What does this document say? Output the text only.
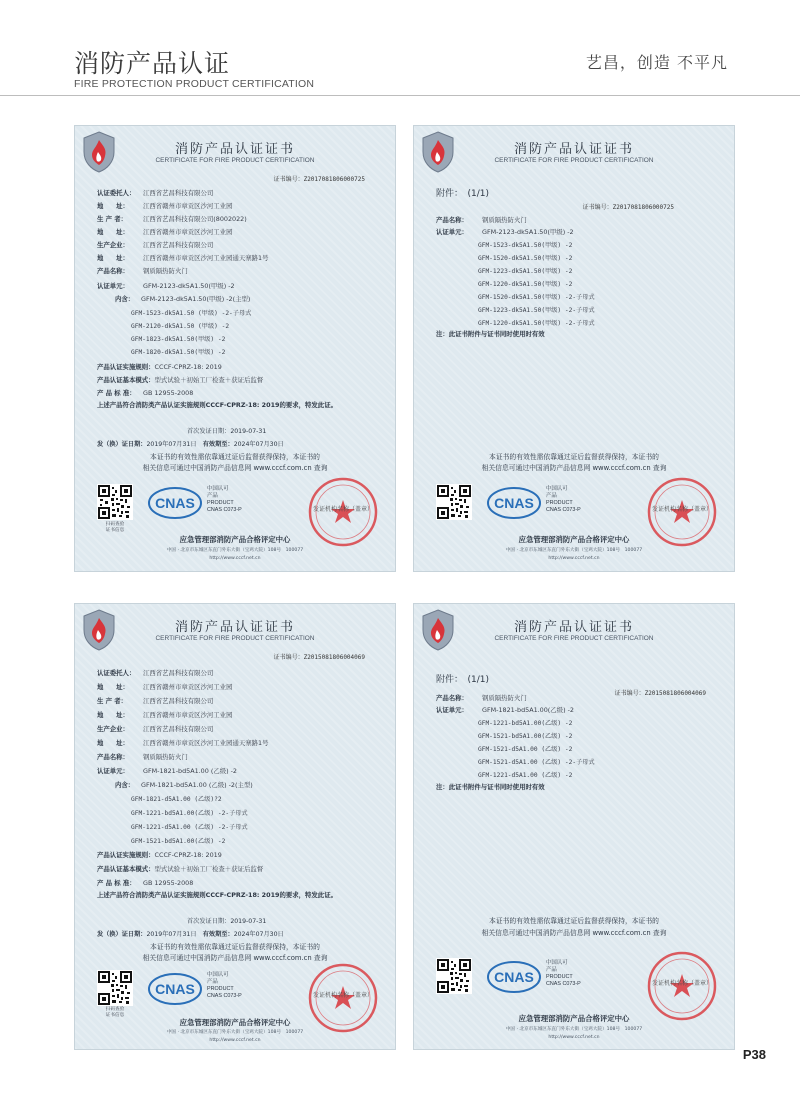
消防产品认证
FIRE PROTECTION PRODUCT CERTIFICATION
艺昌，创造 不平凡
消防产品认证证书
CERTIFICATE FOR FIRE PRODUCT CERTIFICATION
证书编号：Z2017081806000725
认证委托人： 江西省艺昌科技有限公司
地　　址： 江西省赣州市章贡区沙河工业园
生 产 者： 江西省艺昌科技有限公司(8002022)
地　　址： 江西省赣州市章贡区沙河工业园
生产企业： 江西省艺昌科技有限公司
地　　址： 江西省赣州市章贡区沙河工业园通天寨路1号
产品名称： 钢质隔热防火门
认证单元： GFM-2123-dk5A1.50(甲级) -2
内含： GFM-2123-dk5A1.50(甲级) -2(主型)
GFM-1523-dk5A1.50 (甲级) -2-子母式
GFM-2120-dk5A1.50 (甲级) -2
GFM-1823-dk5A1.50(甲级) -2
GFM-1820-dk5A1.50(甲级) -2
产品认证实施规则：CCCF-CPRZ-18: 2019
产品认证基本模式：型式试验＋初始工厂检查＋获证后监督
产 品 标 准： GB 12955-2008
上述产品符合消防类产品认证实施规则CCCF-CPRZ-18: 2019的要求，特发此证。
首次发证日期：2019-07-31
发（换）证日期：2019年07月31日　 有效期至：2024年07月30日
本证书的有效性需依靠通过证后监督获得保持，本证书的
相关信息可通过中国消防产品信息网 www.cccf.com.cn 查询
扫码查验
证书信息
CNAS
中国认可
产品
PRODUCT
CNAS C073-P	发证机构名称（盖章）
应急管理部消防产品合格评定中心
中国 · 北京市东城区东直门外东大街（宝鸡大院）108号　100077
http://www.cccf.net.cn
消防产品认证证书
CERTIFICATE FOR FIRE PRODUCT CERTIFICATION
附件：　 (1/1)
证书编号：Z2017081806000725
产品名称： 钢质隔热防火门
认证单元： GFM-2123-dk5A1.50(甲级) -2
GFM-1523-dk5A1.50(甲级) -2
GFM-1520-dk5A1.50(甲级) -2
GFM-1223-dk5A1.50(甲级) -2
GFM-1220-dk5A1.50(甲级) -2
GFM-1520-dk5A1.50(甲级) -2-子母式
GFM-1223-dk5A1.50(甲级) -2-子母式
GFM-1220-dk5A1.50(甲级) -2-子母式
注：此证书附件与证书同时使用时有效
本证书的有效性需依靠通过证后监督获得保持，本证书的
相关信息可通过中国消防产品信息网 www.cccf.com.cn 查询
CNAS
中国认可
产品
PRODUCT
CNAS C073-P	发证机构名称（盖章）
应急管理部消防产品合格评定中心
中国 · 北京市东城区东直门外东大街（宝鸡大院）108号　100077
http://www.cccf.net.cn
消防产品认证证书
CERTIFICATE FOR FIRE PRODUCT CERTIFICATION
证书编号：Z2015081806004069
认证委托人： 江西省艺昌科技有限公司
地　　址： 江西省赣州市章贡区沙河工业园
生 产 者： 江西省艺昌科技有限公司
地　　址： 江西省赣州市章贡区沙河工业园
生产企业： 江西省艺昌科技有限公司
地　　址： 江西省赣州市章贡区沙河工业园通天寨路1号
产品名称： 钢质隔热防火门
认证单元： GFM-1821-bd5A1.00 (乙级) -2
内含： GFM-1821-bd5A1.00 (乙级) -2(主型)
GFM-1821-d5A1.00 (乙级)?2
GFM-1221-bd5A1.00(乙级) -2-子母式
GFM-1221-d5A1.00 (乙级) -2-子母式
GFM-1521-bd5A1.00(乙级) -2
产品认证实施规则：CCCF-CPRZ-18: 2019
产品认证基本模式：型式试验＋初始工厂检查＋获证后监督
产 品 标 准： GB 12955-2008
上述产品符合消防类产品认证实施规则CCCF-CPRZ-18: 2019的要求，特发此证。
首次发证日期：2019-07-31
发（换）证日期：2019年07月31日　 有效期至：2024年07月30日
本证书的有效性需依靠通过证后监督获得保持，本证书的
相关信息可通过中国消防产品信息网 www.cccf.com.cn 查询
扫码查验
证书信息
CNAS
中国认可
产品
PRODUCT
CNAS C073-P	发证机构名称（盖章）
应急管理部消防产品合格评定中心
中国 · 北京市东城区东直门外东大街（宝鸡大院）108号　100077
http://www.cccf.net.cn
消防产品认证证书
CERTIFICATE FOR FIRE PRODUCT CERTIFICATION
附件：　 (1/1)
证书编号：Z2015081806004069
产品名称： 钢质隔热防火门
认证单元： GFM-1821-bd5A1.00(乙级) -2
GFM-1221-bd5A1.00(乙级) -2
GFM-1521-bd5A1.00(乙级) -2
GFM-1521-d5A1.00 (乙级) -2
GFM-1521-d5A1.00 (乙级) -2-子母式
GFM-1221-d5A1.00 (乙级) -2
注：此证书附件与证书同时使用时有效
本证书的有效性需依靠通过证后监督获得保持，本证书的
相关信息可通过中国消防产品信息网 www.cccf.com.cn 查询
CNAS
中国认可
产品
PRODUCT
CNAS C073-P	发证机构名称（盖章）
应急管理部消防产品合格评定中心
中国 · 北京市东城区东直门外东大街（宝鸡大院）108号　100077
http://www.cccf.net.cn
P38
